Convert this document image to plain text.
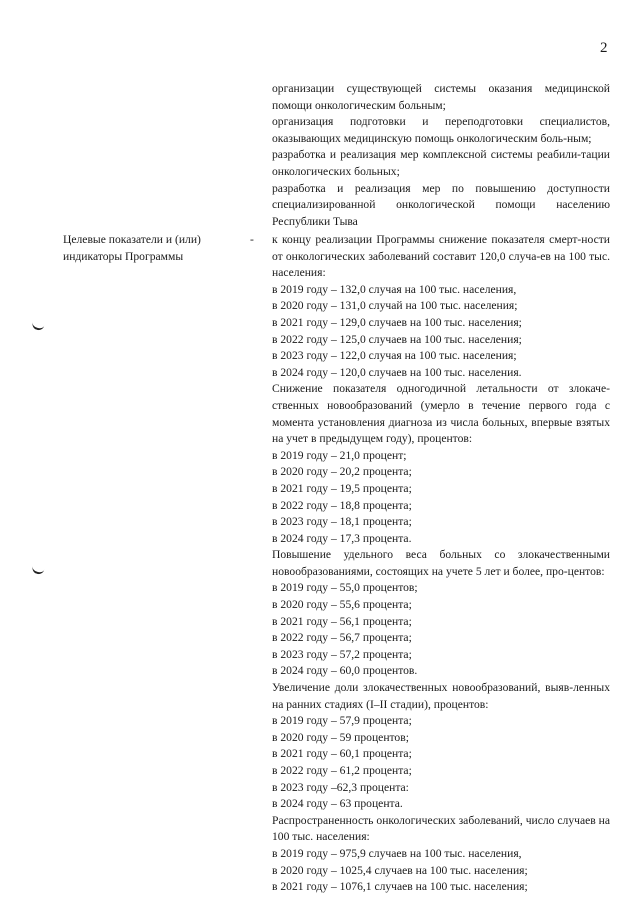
2

организации существующей системы оказания медицинской помощи онкологическим больным;

организация подготовки и переподготовки специалистов, оказывающих медицинскую помощь онкологическим боль-ным;

разработка и реализация мер комплексной системы реабили-тации онкологических больных;

разработка и реализация мер по повышению доступности специализированной онкологической помощи населению Республики Тыва

Целевые показатели и (или) индикаторы Программы
- к концу реализации Программы снижение показателя смерт-ности от онкологических заболеваний составит 120,0 случа-ев на 100 тыс. населения:

в 2019 году – 132,0 случая на 100 тыс. населения,

в 2020 году – 131,0 случай на 100 тыс. населения;

в 2021 году – 129,0 случаев на 100 тыс. населения;

в 2022 году – 125,0 случаев на 100 тыс. населения;

в 2023 году – 122,0 случая на 100 тыс. населения;

в 2024 году – 120,0 случаев на 100 тыс. населения.

Снижение показателя одногодичной летальности от злокаче-ственных новообразований (умерло в течение первого года с момента установления диагноза из числа больных, впервые взятых на учет в предыдущем году), процентов:

в 2019 году – 21,0 процент;

в 2020 году – 20,2 процента;

в 2021 году – 19,5 процента;

в 2022 году – 18,8 процента;

в 2023 году – 18,1 процента;

в 2024 году – 17,3 процента.

Повышение удельного веса больных со злокачественными новообразованиями, состоящих на учете 5 лет и более, про-центов:

в 2019 году – 55,0 процентов;

в 2020 году – 55,6 процента;

в 2021 году – 56,1 процента;

в 2022 году – 56,7 процента;

в 2023 году – 57,2 процента;

в 2024 году – 60,0 процентов.

Увеличение доли злокачественных новообразований, выяв-ленных на ранних стадиях (I–II стадии), процентов:

в 2019 году – 57,9 процента;

в 2020 году – 59 процентов;

в 2021 году – 60,1 процента;

в 2022 году – 61,2 процента;

в 2023 году –62,3 процента:

в 2024 году – 63 процента.

Распространенность онкологических заболеваний, число случаев на 100 тыс. населения:

в 2019 году – 975,9 случаев на 100 тыс. населения,

в 2020 году – 1025,4 случаев на 100 тыс. населения;

в 2021 году – 1076,1 случаев на 100 тыс. населения;
